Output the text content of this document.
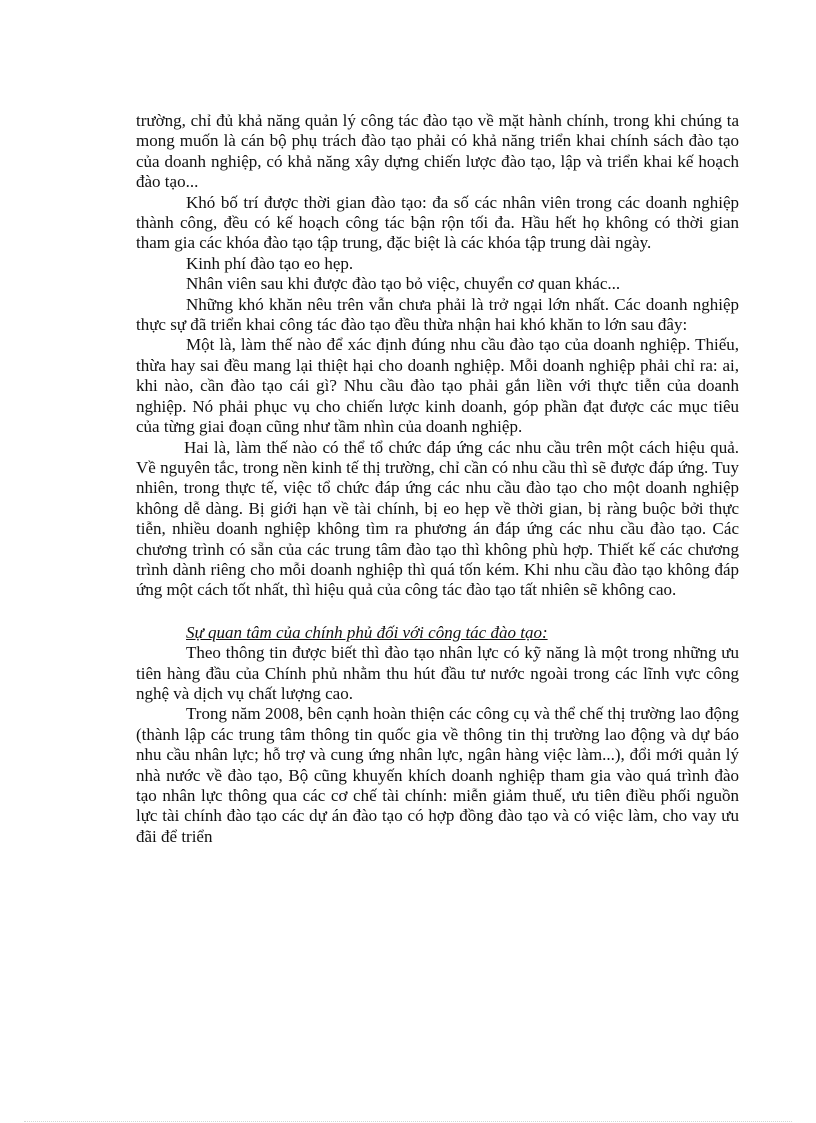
trường, chỉ đủ khả năng quản lý công tác đào tạo về mặt hành chính, trong khi chúng ta mong muốn là cán bộ phụ trách đào tạo phải có khả năng triển khai chính sách đào tạo của doanh nghiệp, có khả năng xây dựng chiến lược đào tạo, lập và triển khai kế hoạch đào tạo...

Khó bố trí được thời gian đào tạo: đa số các nhân viên trong các doanh nghiệp thành công, đều có kế hoạch công tác bận rộn tối đa. Hầu hết họ không có thời gian tham gia các khóa đào tạo tập trung, đặc biệt là các khóa tập trung dài ngày.

Kinh phí đào tạo eo hẹp.

Nhân viên sau khi được đào tạo bỏ việc, chuyển cơ quan khác...

Những khó khăn nêu trên vẫn chưa phải là trở ngại lớn nhất. Các doanh nghiệp thực sự đã triển khai công tác đào tạo đều thừa nhận hai khó khăn to lớn sau đây:

Một là, làm thế nào để xác định đúng nhu cầu đào tạo của doanh nghiệp. Thiếu, thừa hay sai đều mang lại thiệt hại cho doanh nghiệp. Mỗi doanh nghiệp phải chỉ ra: ai, khi nào, cần đào tạo cái gì? Nhu cầu đào tạo phải gắn liền với thực tiễn của doanh nghiệp. Nó phải phục vụ cho chiến lược kinh doanh, góp phần đạt được các mục tiêu của từng giai đoạn cũng như tầm nhìn của doanh nghiệp.

Hai là, làm thế nào có thể tổ chức đáp ứng các nhu cầu trên một cách hiệu quả. Về nguyên tắc, trong nền kinh tế thị trường, chỉ cần có nhu cầu thì sẽ được đáp ứng. Tuy nhiên, trong thực tế, việc tổ chức đáp ứng các nhu cầu đào tạo cho một doanh nghiệp không dễ dàng. Bị giới hạn về tài chính, bị eo hẹp về thời gian, bị ràng buộc bởi thực tiễn, nhiều doanh nghiệp không tìm ra phương án đáp ứng các nhu cầu đào tạo. Các chương trình có sẵn của các trung tâm đào tạo thì không phù hợp. Thiết kế các chương trình dành riêng cho mỗi doanh nghiệp thì quá tốn kém. Khi nhu cầu đào tạo không đáp ứng một cách tốt nhất, thì hiệu quả của công tác đào tạo tất nhiên sẽ không cao.

Sự quan tâm của chính phủ đối với công tác đào tạo:

Theo thông tin được biết thì đào tạo nhân lực có kỹ năng là một trong những ưu tiên hàng đầu của Chính phủ nhằm thu hút đầu tư nước ngoài trong các lĩnh vực công nghệ và dịch vụ chất lượng cao.

Trong năm 2008, bên cạnh hoàn thiện các công cụ và thể chế thị trường lao động (thành lập các trung tâm thông tin quốc gia về thông tin thị trường lao động và dự báo nhu cầu nhân lực; hỗ trợ và cung ứng nhân lực, ngân hàng việc làm...), đổi mới quản lý nhà nước về đào tạo, Bộ cũng khuyến khích doanh nghiệp tham gia vào quá trình đào tạo nhân lực thông qua các cơ chế tài chính: miễn giảm thuế, ưu tiên điều phối nguồn lực tài chính đào tạo các dự án đào tạo có hợp đồng đào tạo và có việc làm, cho vay ưu đãi để triển
